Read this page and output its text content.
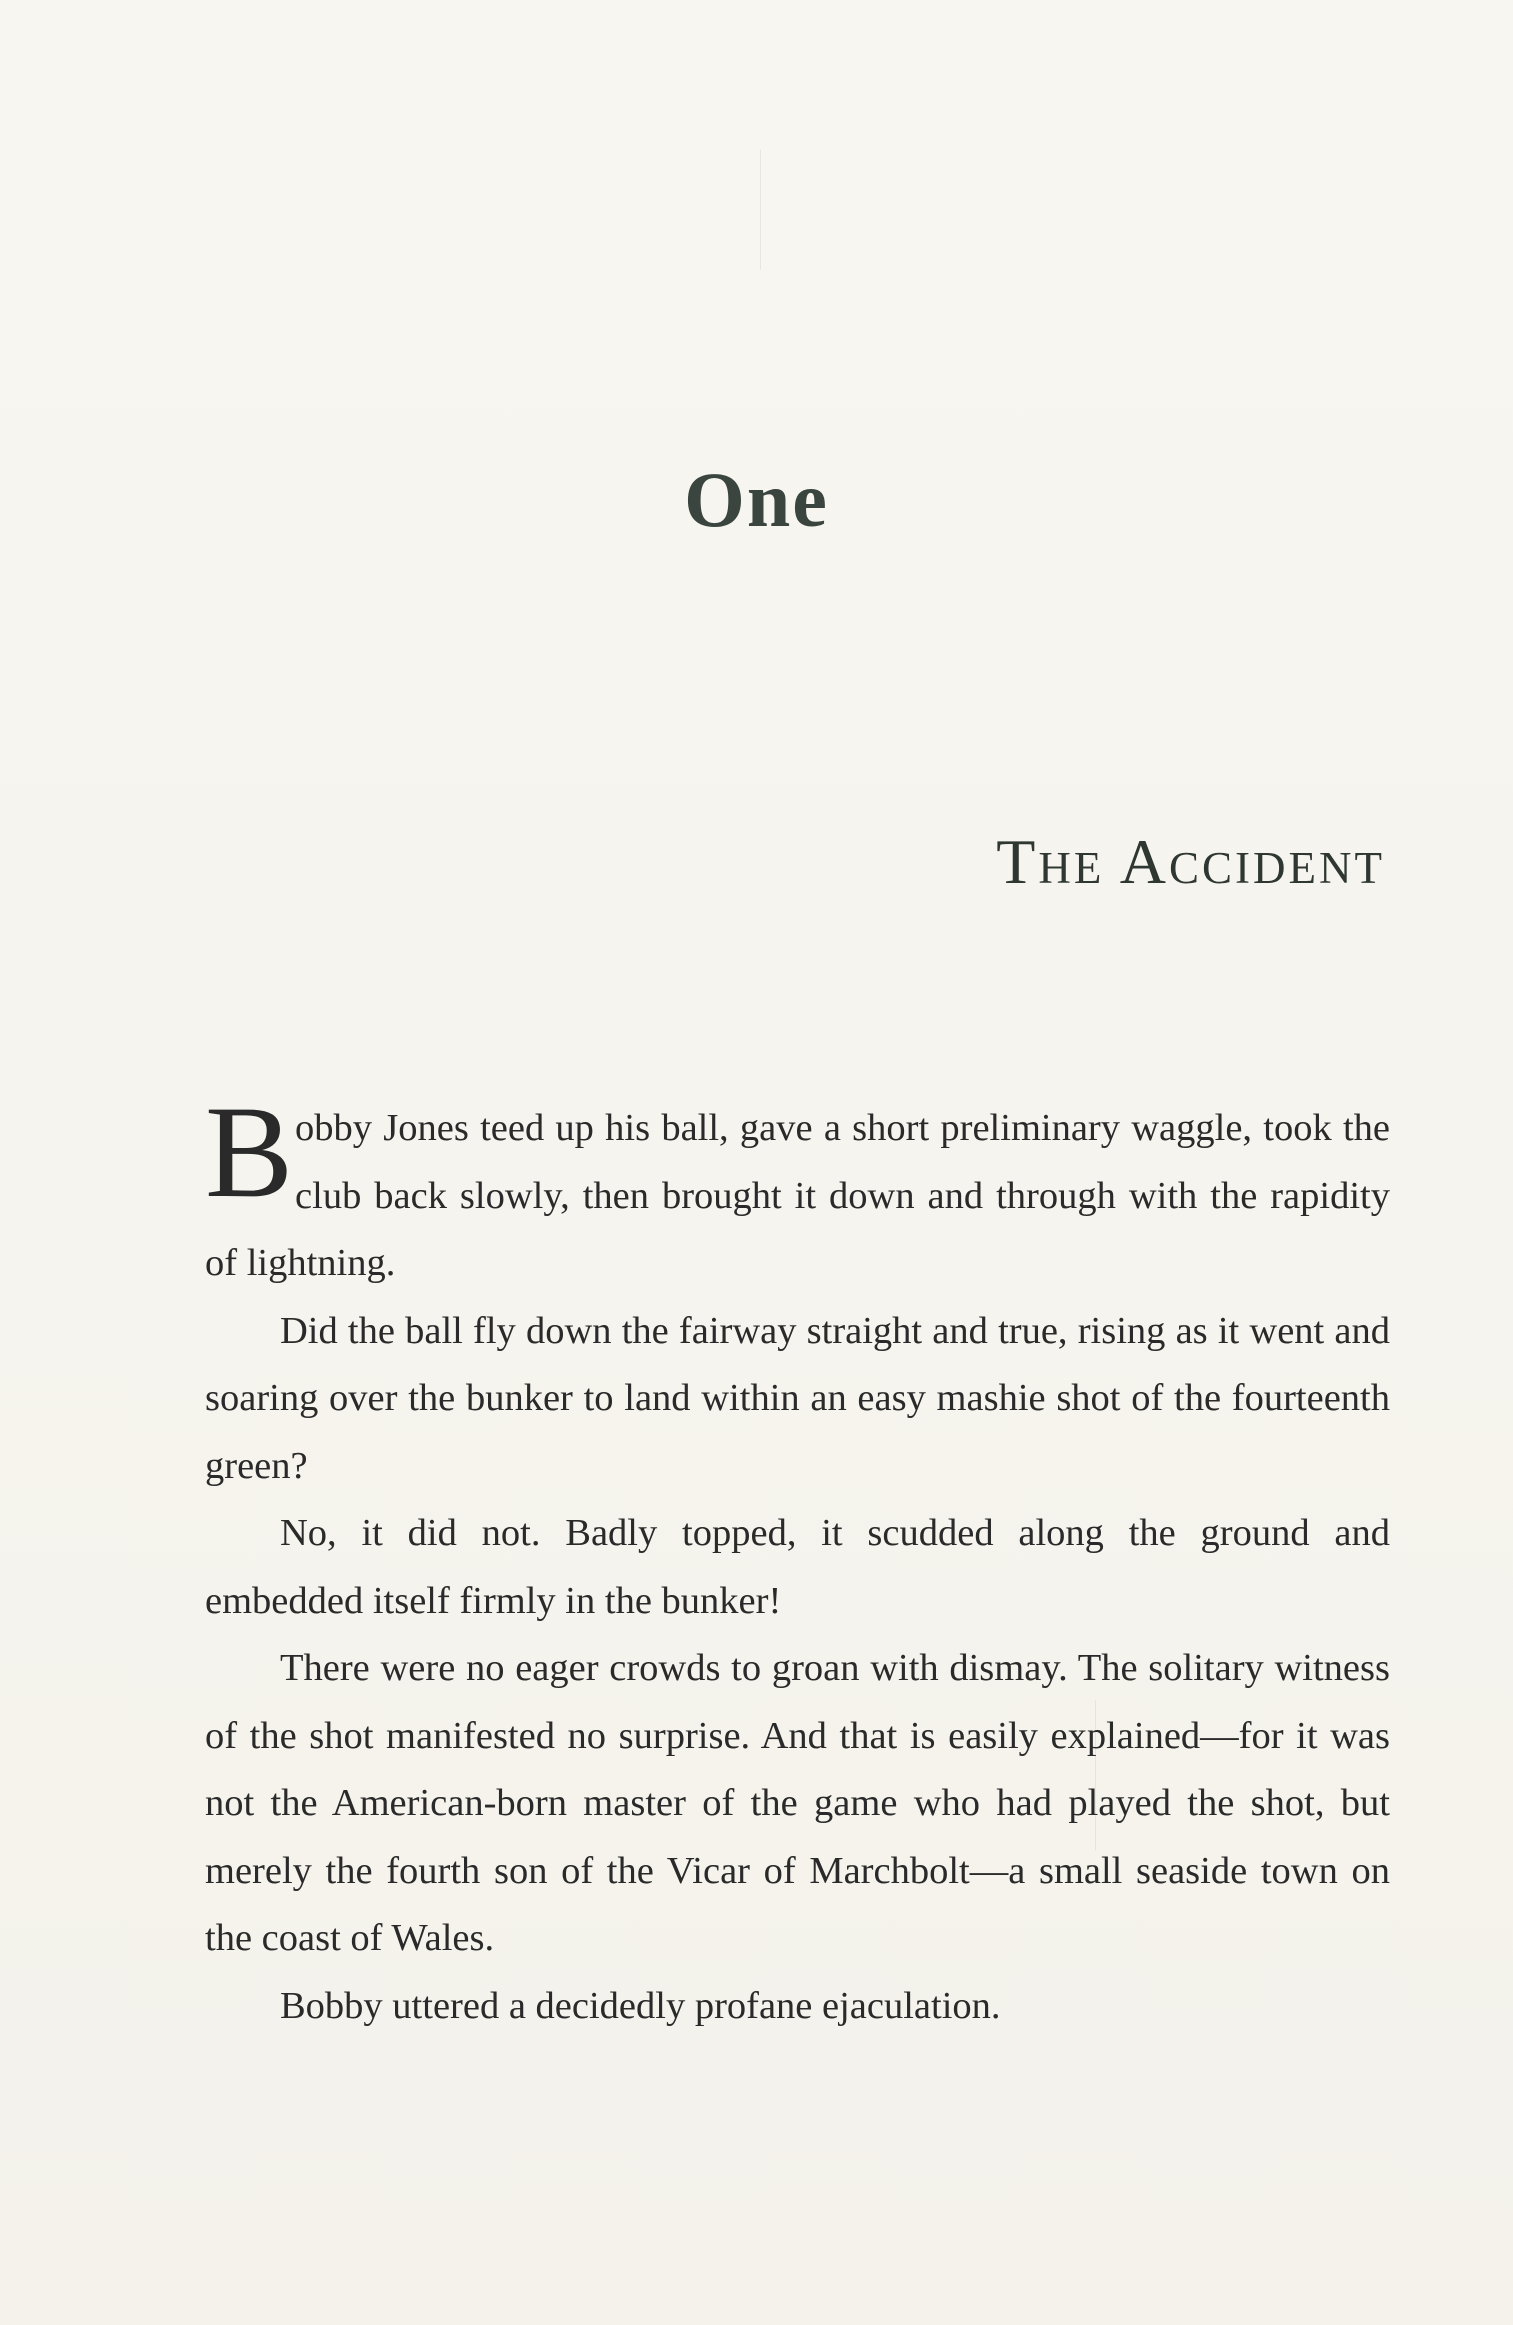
One
The Accident

Bobby Jones teed up his ball, gave a short preliminary waggle, took the club back slowly, then brought it down and through with the rapidity of lightning.

Did the ball fly down the fairway straight and true, rising as it went and soaring over the bunker to land within an easy mashie shot of the fourteenth green?

No, it did not. Badly topped, it scudded along the ground and embedded itself firmly in the bunker!

There were no eager crowds to groan with dismay. The solitary witness of the shot manifested no surprise. And that is easily explained—for it was not the American-born master of the game who had played the shot, but merely the fourth son of the Vicar of Marchbolt—a small seaside town on the coast of Wales.

Bobby uttered a decidedly profane ejaculation.
